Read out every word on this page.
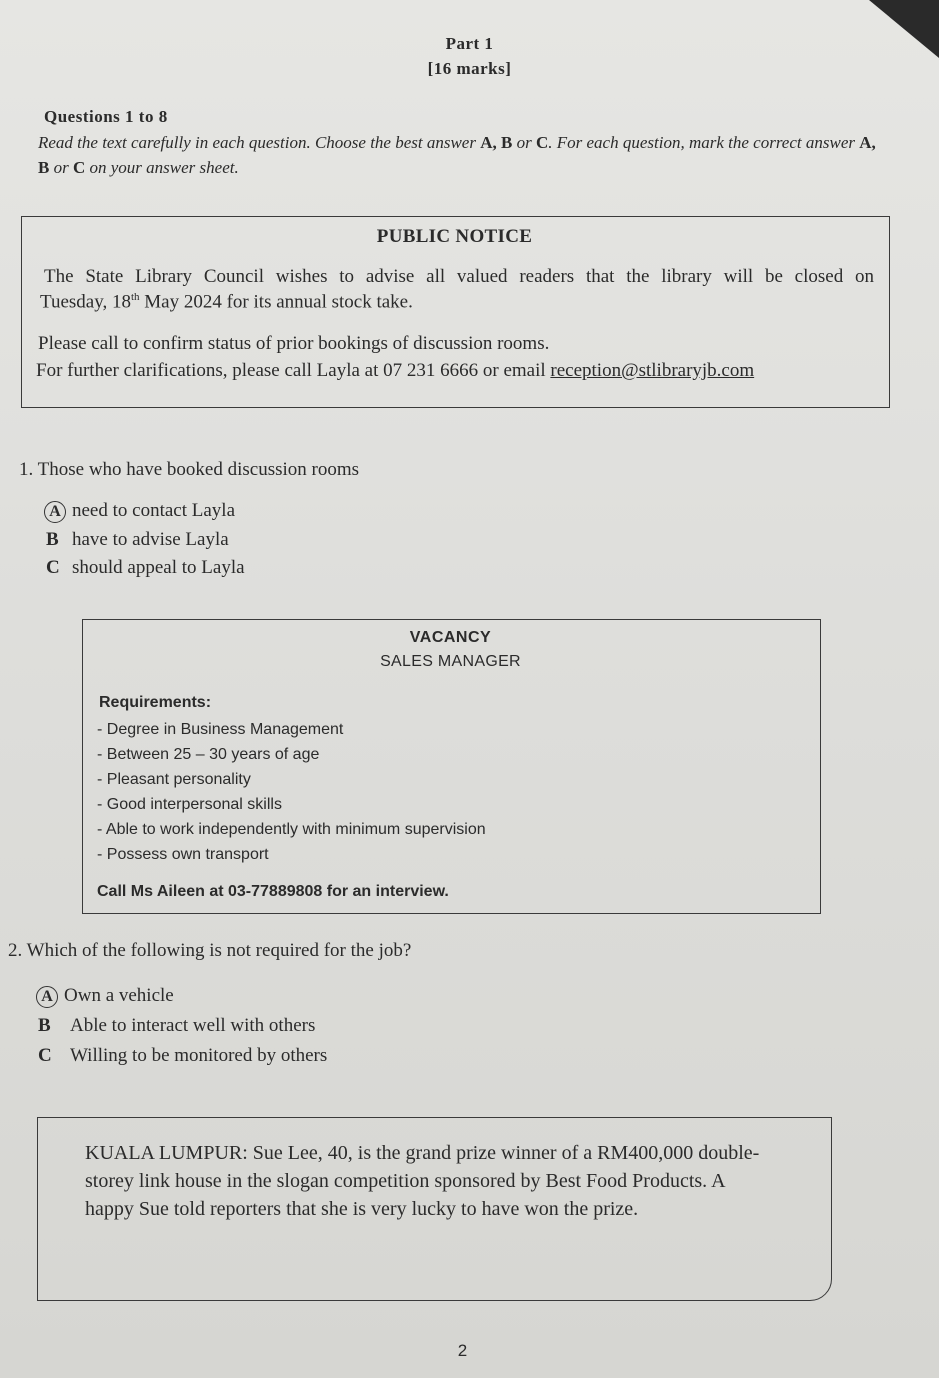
Part 1
[16 marks]
Questions 1 to 8
Read the text carefully in each question. Choose the best answer A, B or C. For each question, mark the correct answer A, B or C on your answer sheet.
PUBLIC NOTICE
The State Library Council wishes to advise all valued readers that the library will be closed on
Tuesday, 18th May 2024 for its annual stock take.
Please call to confirm status of prior bookings of discussion rooms.
For further clarifications, please call Layla at 07 231 6666 or email reception@stlibraryjb.com
1. Those who have booked discussion rooms
A need to contact Layla
B have to advise Layla
C should appeal to Layla
VACANCY
SALES MANAGER
Requirements:
- Degree in Business Management
- Between 25 – 30 years of age
- Pleasant personality
- Good interpersonal skills
- Able to work independently with minimum supervision
- Possess own transport
Call Ms Aileen at 03-77889808 for an interview.
2. Which of the following is not required for the job?
A Own a vehicle
B Able to interact well with others
C Willing to be monitored by others
KUALA LUMPUR: Sue Lee, 40, is the grand prize winner of a RM400,000 double-storey link house in the slogan competition sponsored by Best Food Products. A happy Sue told reporters that she is very lucky to have won the prize.
2
